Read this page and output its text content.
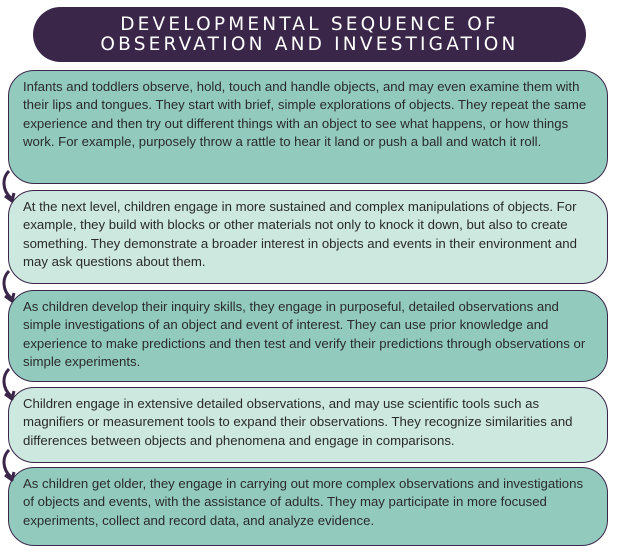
DEVELOPMENTAL SEQUENCE OF
OBSERVATION AND INVESTIGATION

Infants and toddlers observe, hold, touch and handle objects, and may even examine them with their lips and tongues. They start with brief, simple explorations of objects. They repeat the same experience and then try out different things with an object to see what happens, or how things work. For example, purposely throw a rattle to hear it land or push a ball and watch it roll.

At the next level, children engage in more sustained and complex manipulations of objects. For example, they build with blocks or other materials not only to knock it down, but also to create something. They demonstrate a broader interest in objects and events in their environment and may ask questions about them.

As children develop their inquiry skills, they engage in purposeful, detailed observations and simple investigations of an object and event of interest. They can use prior knowledge and experience to make predictions and then test and verify their predictions through observations or simple experiments.

Children engage in extensive detailed observations, and may use scientific tools such as magnifiers or measurement tools to expand their observations. They recognize similarities and differences between objects and phenomena and engage in comparisons.

As children get older, they engage in carrying out more complex observations and investigations of objects and events, with the assistance of adults. They may participate in more focused experiments, collect and record data, and analyze evidence.
